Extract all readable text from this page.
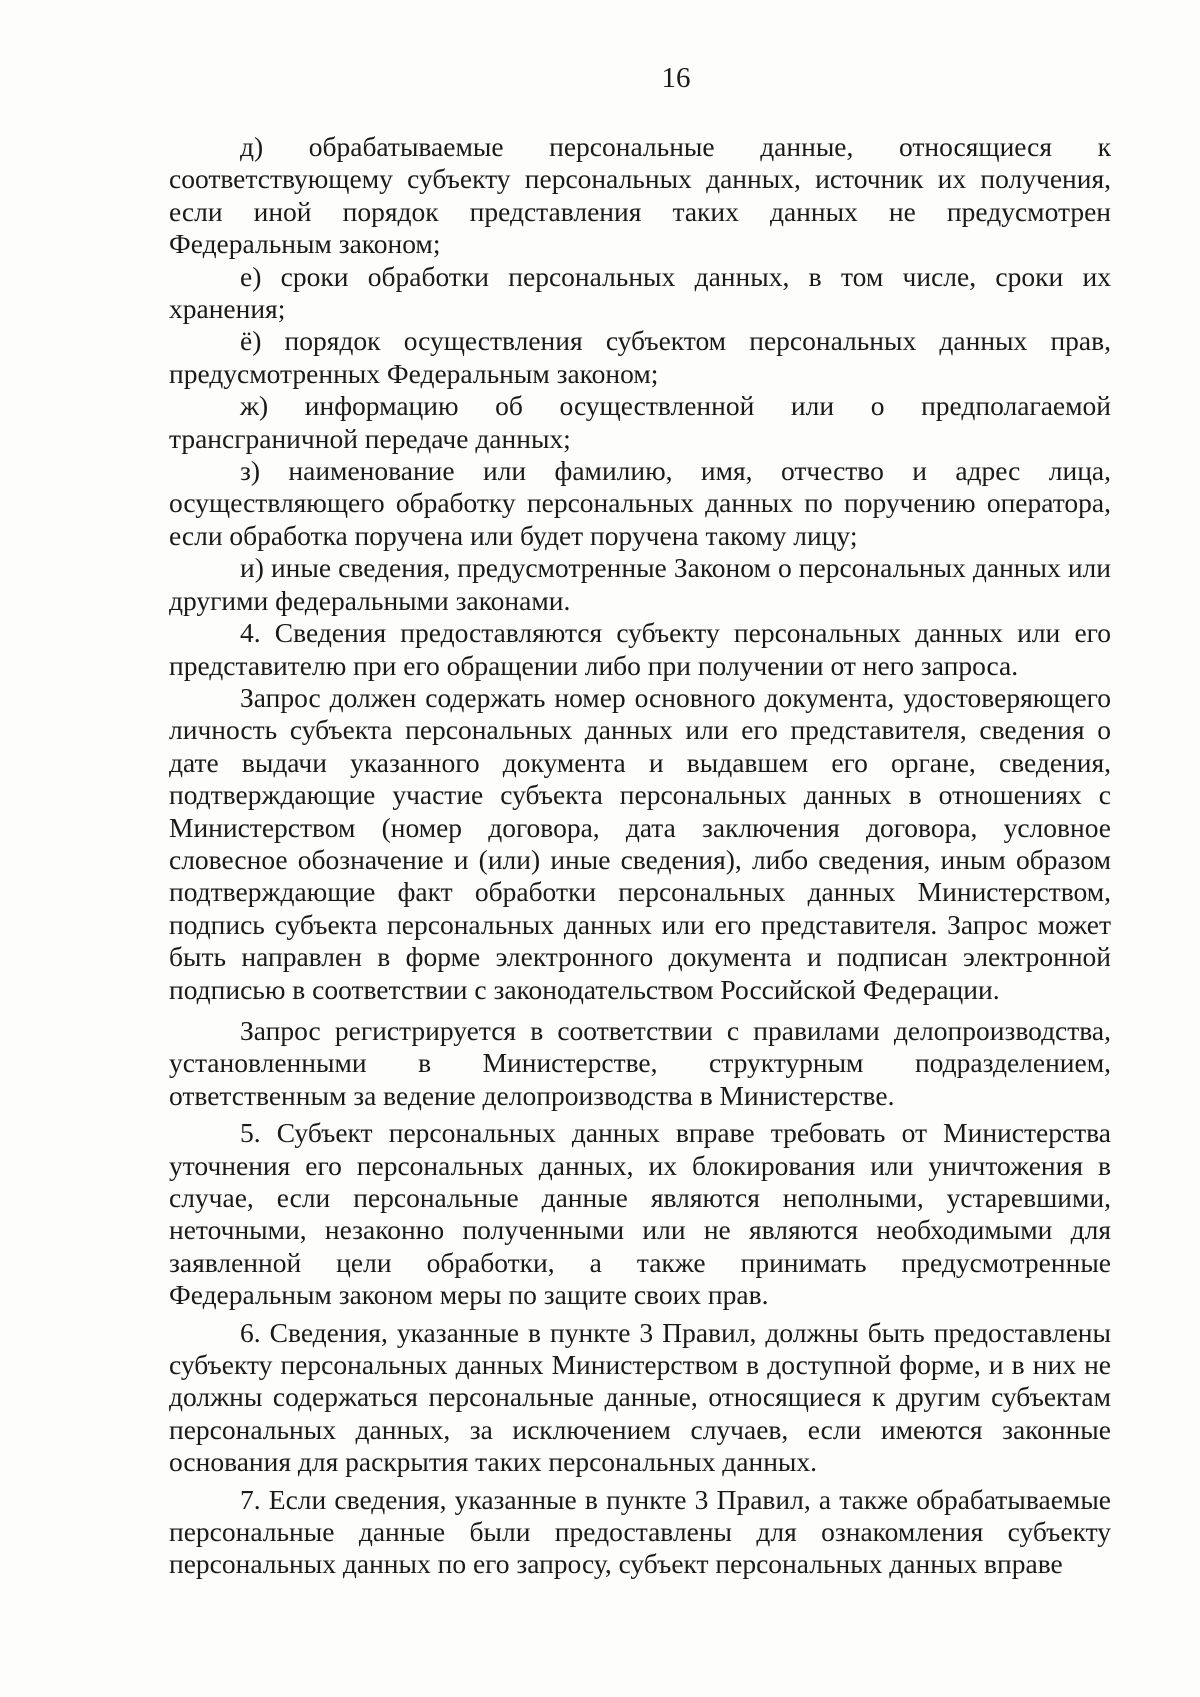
16

д) обрабатываемые персональные данные, относящиеся к соответствующему субъекту персональных данных, источник их получения, если иной порядок представления таких данных не предусмотрен Федеральным законом;

е) сроки обработки персональных данных, в том числе, сроки их хранения;

ё) порядок осуществления субъектом персональных данных прав, предусмотренных Федеральным законом;

ж) информацию об осуществленной или о предполагаемой трансграничной передаче данных;

з) наименование или фамилию, имя, отчество и адрес лица, осуществляющего обработку персональных данных по поручению оператора, если обработка поручена или будет поручена такому лицу;

и) иные сведения, предусмотренные Законом о персональных данных или другими федеральными законами.

4. Сведения предоставляются субъекту персональных данных или его представителю при его обращении либо при получении от него запроса.

Запрос должен содержать номер основного документа, удостоверяющего личность субъекта персональных данных или его представителя, сведения о дате выдачи указанного документа и выдавшем его органе, сведения, подтверждающие участие субъекта персональных данных в отношениях с Министерством (номер договора, дата заключения договора, условное словесное обозначение и (или) иные сведения), либо сведения, иным образом подтверждающие факт обработки персональных данных Министерством, подпись субъекта персональных данных или его представителя. Запрос может быть направлен в форме электронного документа и подписан электронной подписью в соответствии с законодательством Российской Федерации.

Запрос регистрируется в соответствии с правилами делопроизводства, установленными в Министерстве, структурным подразделением, ответственным за ведение делопроизводства в Министерстве.

5. Субъект персональных данных вправе требовать от Министерства уточнения его персональных данных, их блокирования или уничтожения в случае, если персональные данные являются неполными, устаревшими, неточными, незаконно полученными или не являются необходимыми для заявленной цели обработки, а также принимать предусмотренные Федеральным законом меры по защите своих прав.

6. Сведения, указанные в пункте 3 Правил, должны быть предоставлены субъекту персональных данных Министерством в доступной форме, и в них не должны содержаться персональные данные, относящиеся к другим субъектам персональных данных, за исключением случаев, если имеются законные основания для раскрытия таких персональных данных.

7. Если сведения, указанные в пункте 3 Правил, а также обрабатываемые персональные данные были предоставлены для ознакомления субъекту персональных данных по его запросу, субъект персональных данных вправе
